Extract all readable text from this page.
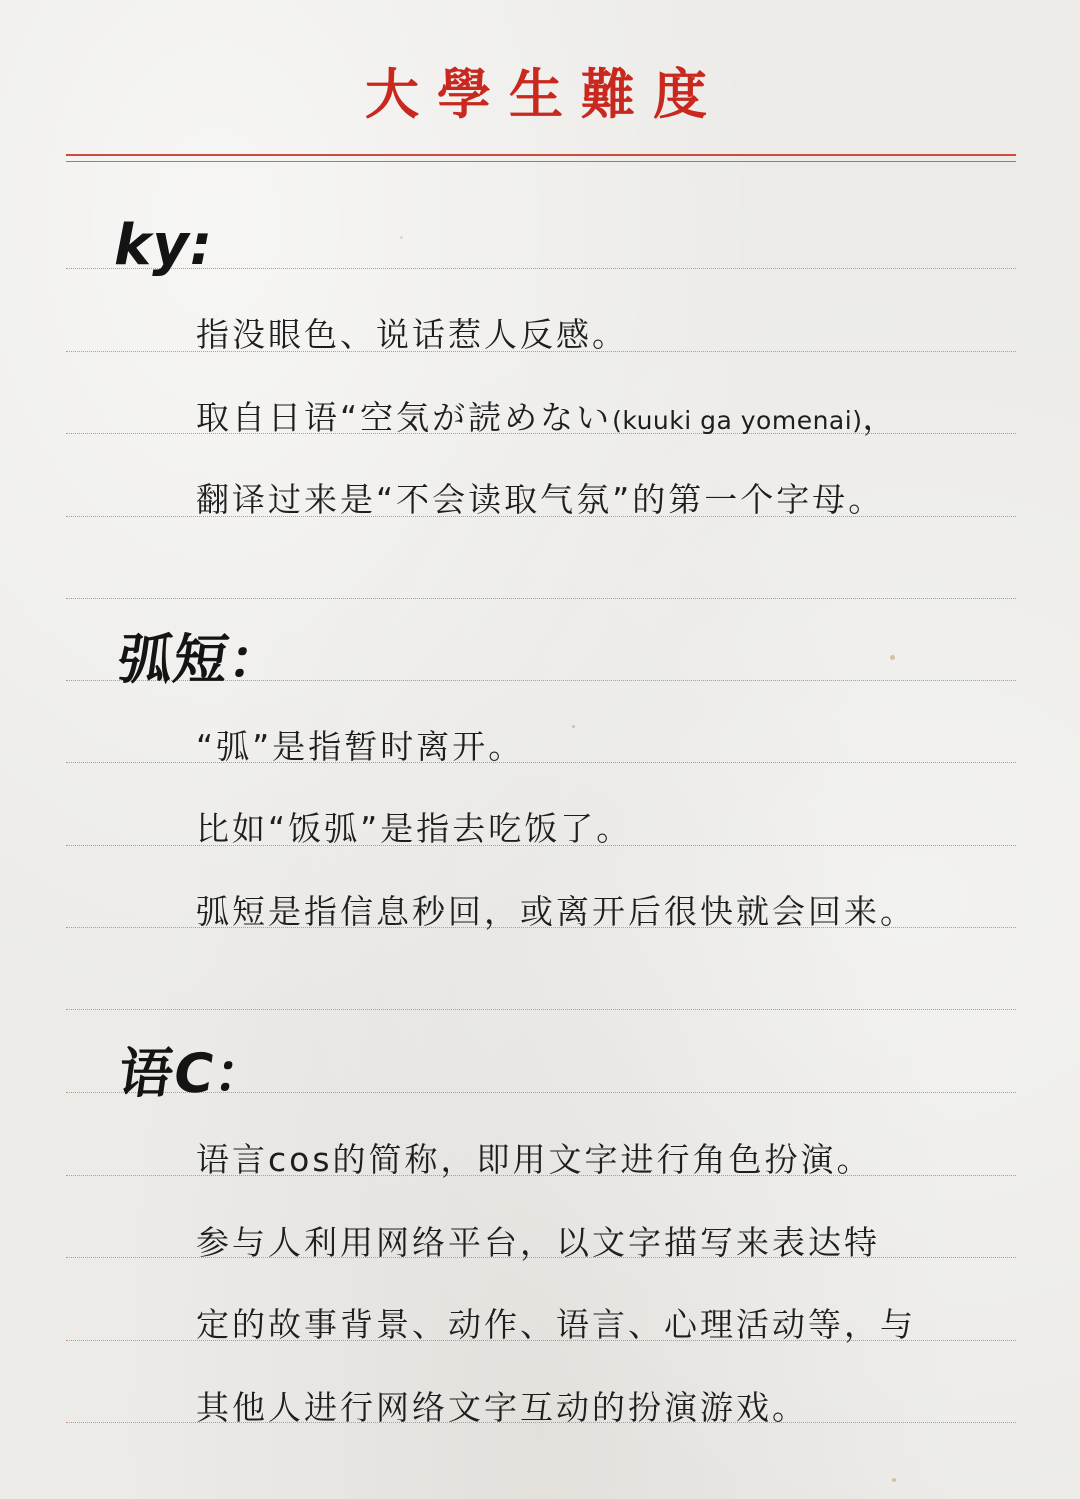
大學生難度
ky:
指没眼色、说话惹人反感。
取自日语“空気が読めない(kuuki ga yomenai)，
翻译过来是“不会读取气氛”的第一个字母。
弧短：
“弧”是指暂时离开。
比如“饭弧”是指去吃饭了。
弧短是指信息秒回，或离开后很快就会回来。
语C：
语言cos的简称，即用文字进行角色扮演。
参与人利用网络平台，以文字描写来表达特
定的故事背景、动作、语言、心理活动等，与
其他人进行网络文字互动的扮演游戏。
